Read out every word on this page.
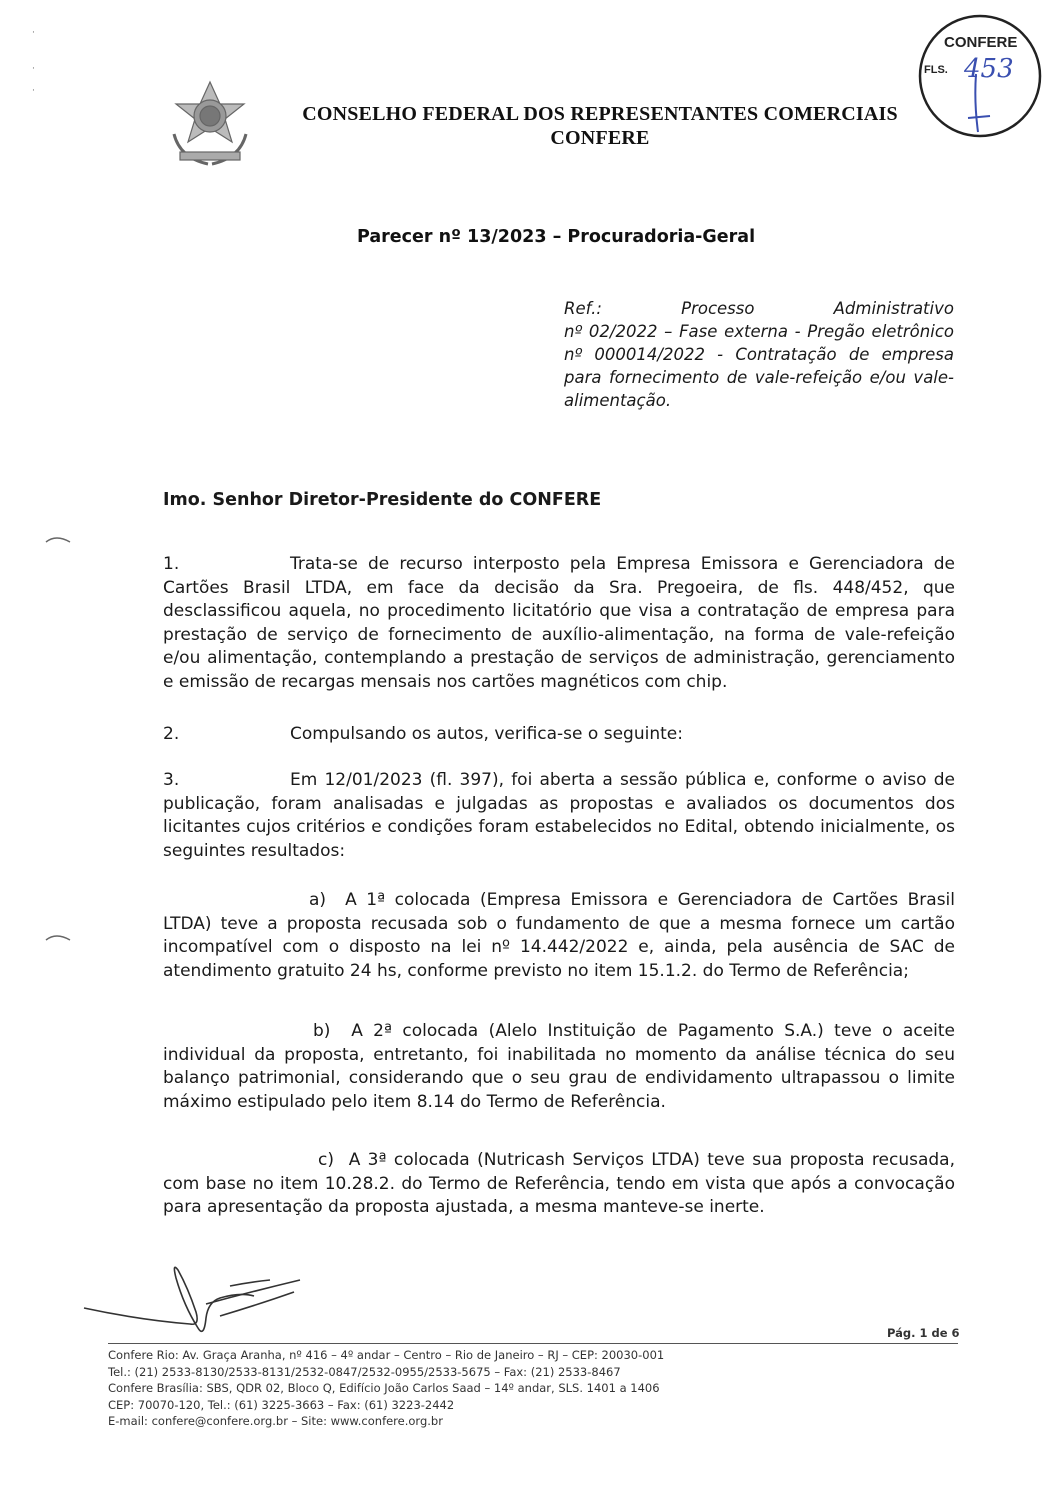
CONSELHO FEDERAL DOS REPRESENTANTES COMERCIAIS
CONFERE
CONFERE
FLS. 453
·
·
·
Parecer nº 13/2023 – Procuradoria-Geral
Ref.:	Processo	Administrativo
nº 02/2022 – Fase externa - Pregão eletrônico nº 000014/2022 - Contratação de empresa para fornecimento de vale-refeição e/ou vale-alimentação.
Imo. Senhor Diretor-Presidente do CONFERE
1.	Trata-se de recurso interposto pela Empresa Emissora e Gerenciadora de Cartões Brasil LTDA, em face da decisão da Sra. Pregoeira, de fls. 448/452, que desclassificou aquela, no procedimento licitatório que visa a contratação de empresa para prestação de serviço de fornecimento de auxílio-alimentação, na forma de vale-refeição e/ou alimentação, contemplando a prestação de serviços de administração, gerenciamento e emissão de recargas mensais nos cartões magnéticos com chip.
2.	Compulsando os autos, verifica-se o seguinte:
3.	Em 12/01/2023 (fl. 397), foi aberta a sessão pública e, conforme o aviso de publicação, foram analisadas e julgadas as propostas e avaliados os documentos dos licitantes cujos critérios e condições foram estabelecidos no Edital, obtendo inicialmente, os seguintes resultados:
a) A 1ª colocada (Empresa Emissora e Gerenciadora de Cartões Brasil LTDA) teve a proposta recusada sob o fundamento de que a mesma fornece um cartão incompatível com o disposto na lei nº 14.442/2022 e, ainda, pela ausência de SAC de atendimento gratuito 24 hs, conforme previsto no item 15.1.2. do Termo de Referência;
b) A 2ª colocada (Alelo Instituição de Pagamento S.A.) teve o aceite individual da proposta, entretanto, foi inabilitada no momento da análise técnica do seu balanço patrimonial, considerando que o seu grau de endividamento ultrapassou o limite máximo estipulado pelo item 8.14 do Termo de Referência.
c) A 3ª colocada (Nutricash Serviços LTDA) teve sua proposta recusada, com base no item 10.28.2. do Termo de Referência, tendo em vista que após a convocação para apresentação da proposta ajustada, a mesma manteve-se inerte.
Pág. 1 de 6
Confere Rio: Av. Graça Aranha, nº 416 – 4º andar – Centro – Rio de Janeiro – RJ – CEP: 20030-001
Tel.: (21) 2533-8130/2533-8131/2532-0847/2532-0955/2533-5675 – Fax: (21) 2533-8467
Confere Brasília: SBS, QDR 02, Bloco Q, Edifício João Carlos Saad – 14º andar, SLS. 1401 a 1406
CEP: 70070-120, Tel.: (61) 3225-3663 – Fax: (61) 3223-2442
E-mail: confere@confere.org.br – Site: www.confere.org.br
